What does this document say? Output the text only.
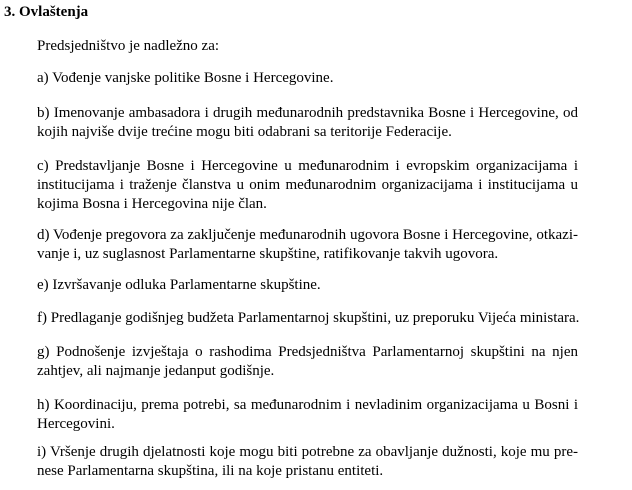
3. Ovlaštenja
Predsjedništvo je nadležno za:
a) Vođenje vanjske politike Bosne i Hercegovine.
b) Imenovanje ambasadora i drugih međunarodnih predstavnika Bosne i Hercegovine, od
kojih najviše dvije trećine mogu biti odabrani sa teritorije Federacije.
c) Predstavljanje Bosne i Hercegovine u međunarodnim i evropskim organizacijama i
institucijama i traženje članstva u onim međunarodnim organizacijama i institucijama u
kojima Bosna i Hercegovina nije član.
d) Vođenje pregovora za zaključenje međunarodnih ugovora Bosne i Hercegovine, otkazi-
vanje i, uz suglasnost Parlamentarne skupštine, ratifikovanje takvih ugovora.
e) Izvršavanje odluka Parlamentarne skupštine.
f) Predlaganje godišnjeg budžeta Parlamentarnoj skupštini, uz preporuku Vijeća ministara.
g) Podnošenje izvještaja o rashodima Predsjedništva Parlamentarnoj skupštini na njen
zahtjev, ali najmanje jedanput godišnje.
h) Koordinaciju, prema potrebi, sa međunarodnim i nevladinim organizacijama u Bosni i
Hercegovini.
i) Vršenje drugih djelatnosti koje mogu biti potrebne za obavljanje dužnosti, koje mu pre-
nese Parlamentarna skupština, ili na koje pristanu entiteti.
